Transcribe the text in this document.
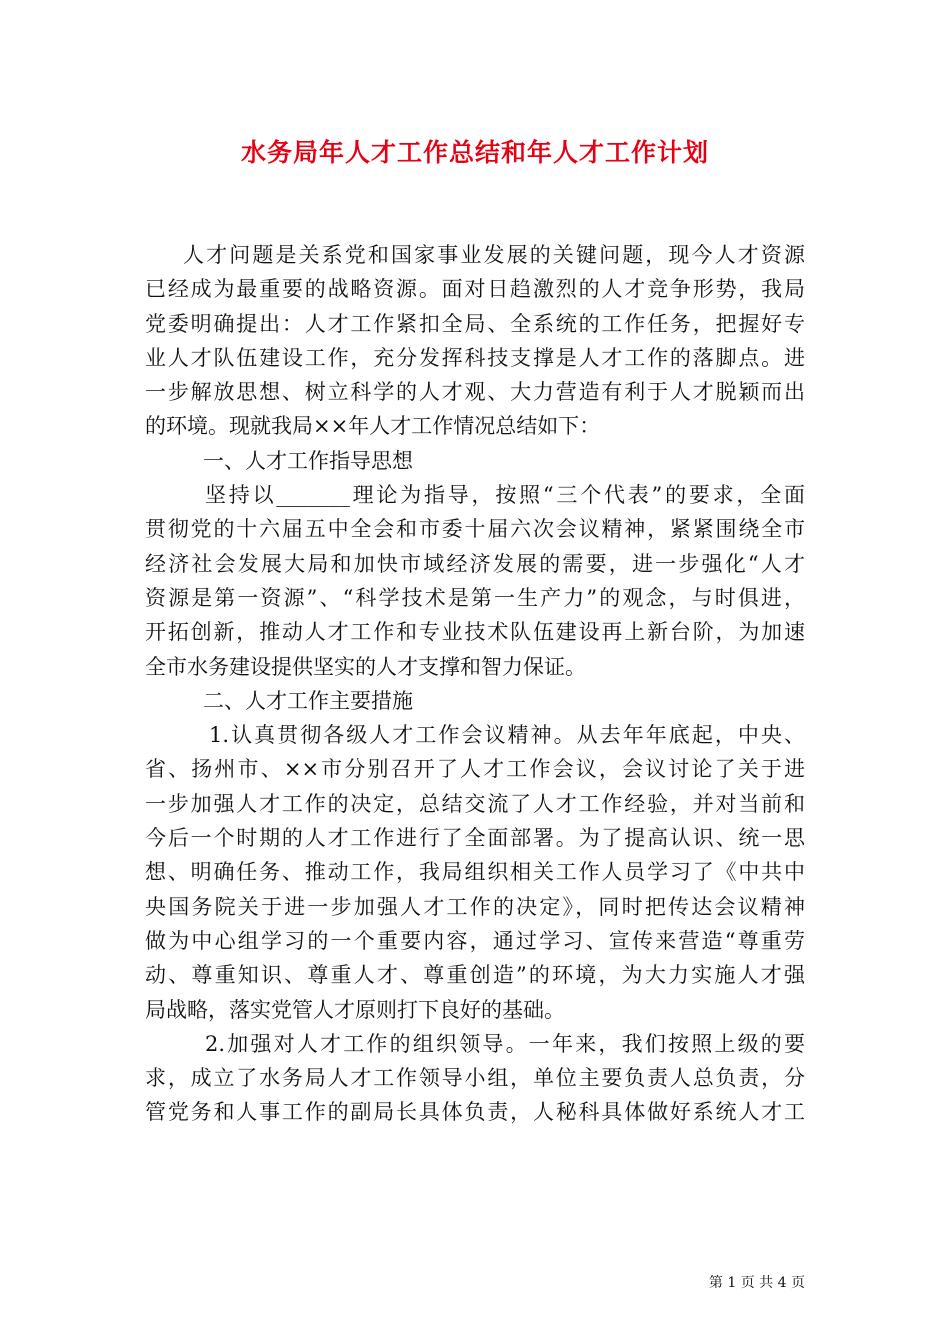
水务局年人才工作总结和年人才工作计划
人才问题是关系党和国家事业发展的关键问题，现今人才资源
已经成为最重要的战略资源。面对日趋激烈的人才竞争形势，我局
党委明确提出：人才工作紧扣全局、全系统的工作任务，把握好专
业人才队伍建设工作，充分发挥科技支撑是人才工作的落脚点。进
一步解放思想、树立科学的人才观、大力营造有利于人才脱颖而出
的环境。现就我局××年人才工作情况总结如下：
一、人才工作指导思想
坚持以_______理论为指导，按照“三个代表”的要求，全面
贯彻党的十六届五中全会和市委十届六次会议精神，紧紧围绕全市
经济社会发展大局和加快市域经济发展的需要，进一步强化“人才
资源是第一资源”、“科学技术是第一生产力”的观念，与时俱进，
开拓创新，推动人才工作和专业技术队伍建设再上新台阶，为加速
全市水务建设提供坚实的人才支撑和智力保证。
二、人才工作主要措施
1.认真贯彻各级人才工作会议精神。从去年年底起，中央、
省、扬州市、××市分别召开了人才工作会议，会议讨论了关于进
一步加强人才工作的决定，总结交流了人才工作经验，并对当前和
今后一个时期的人才工作进行了全面部署。为了提高认识、统一思
想、明确任务、推动工作，我局组织相关工作人员学习了《中共中
央国务院关于进一步加强人才工作的决定》，同时把传达会议精神
做为中心组学习的一个重要内容，通过学习、宣传来营造“尊重劳
动、尊重知识、尊重人才、尊重创造”的环境，为大力实施人才强
局战略，落实党管人才原则打下良好的基础。
2.加强对人才工作的组织领导。一年来，我们按照上级的要
求，成立了水务局人才工作领导小组，单位主要负责人总负责，分
管党务和人事工作的副局长具体负责，人秘科具体做好系统人才工
第 1 页 共 4 页
